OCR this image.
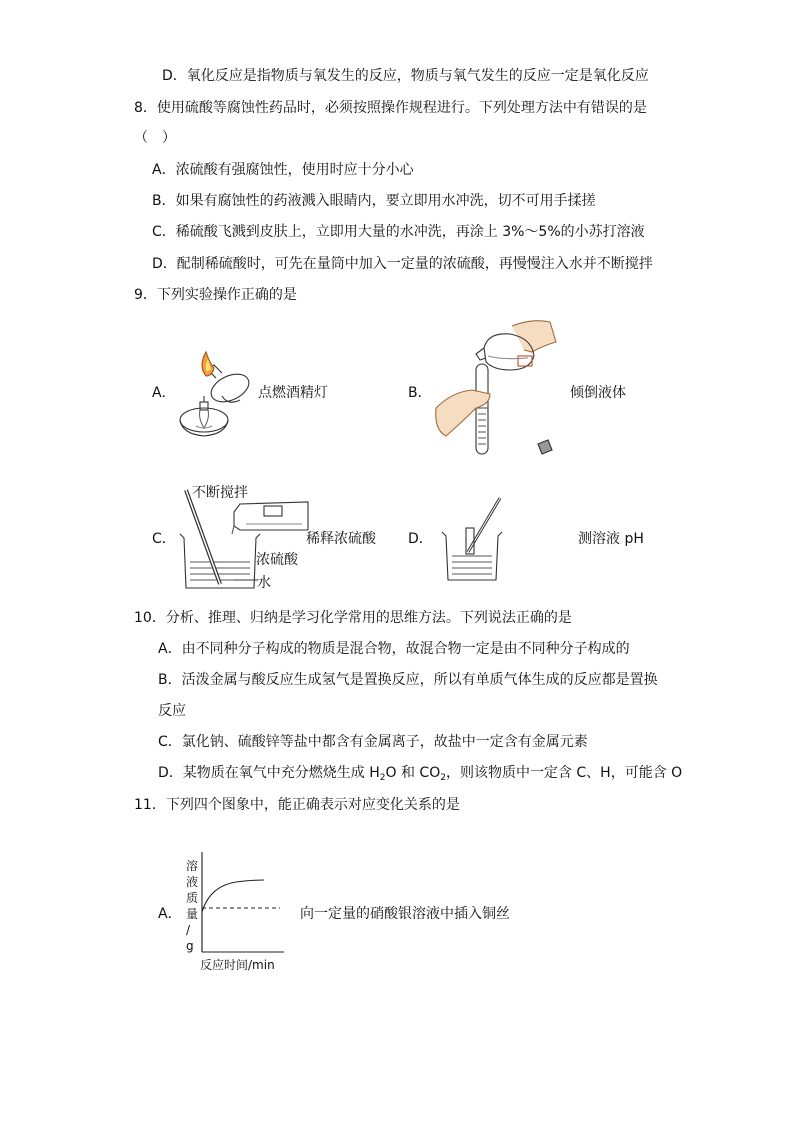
D．氧化反应是指物质与氧发生的反应，物质与氧气发生的反应一定是氧化反应
8．使用硫酸等腐蚀性药品时，必须按照操作规程进行。下列处理方法中有错误的是
（　）
A．浓硫酸有强腐蚀性，使用时应十分小心
B．如果有腐蚀性的药液溅入眼睛内，要立即用水冲洗，切不可用手揉搓
C．稀硫酸飞溅到皮肤上，立即用大量的水冲洗，再涂上 3%～5%的小苏打溶液
D．配制稀硫酸时，可先在量筒中加入一定量的浓硫酸，再慢慢注入水并不断搅拌
9．下列实验操作正确的是
A．	点燃酒精灯	B．	倾倒液体
C．
不断搅拌
浓硫酸
水
稀释浓硫酸 D．	测溶液 pH
10．分析、推理、归纳是学习化学常用的思维方法。下列说法正确的是
A．由不同种分子构成的物质是混合物，故混合物一定是由不同种分子构成的
B．活泼金属与酸反应生成氢气是置换反应，所以有单质气体生成的反应都是置换
反应
C．氯化钠、硫酸锌等盐中都含有金属离子，故盐中一定含有金属元素
D．某物质在氧气中充分燃烧生成 $H_2O$ 和 $CO_2$，则该物质中一定含 C、H，可能含 O
11．下列四个图象中，能正确表示对应变化关系的是
A．
溶
液
质
量
/
g
反应时间/min
向一定量的硝酸银溶液中插入铜丝
